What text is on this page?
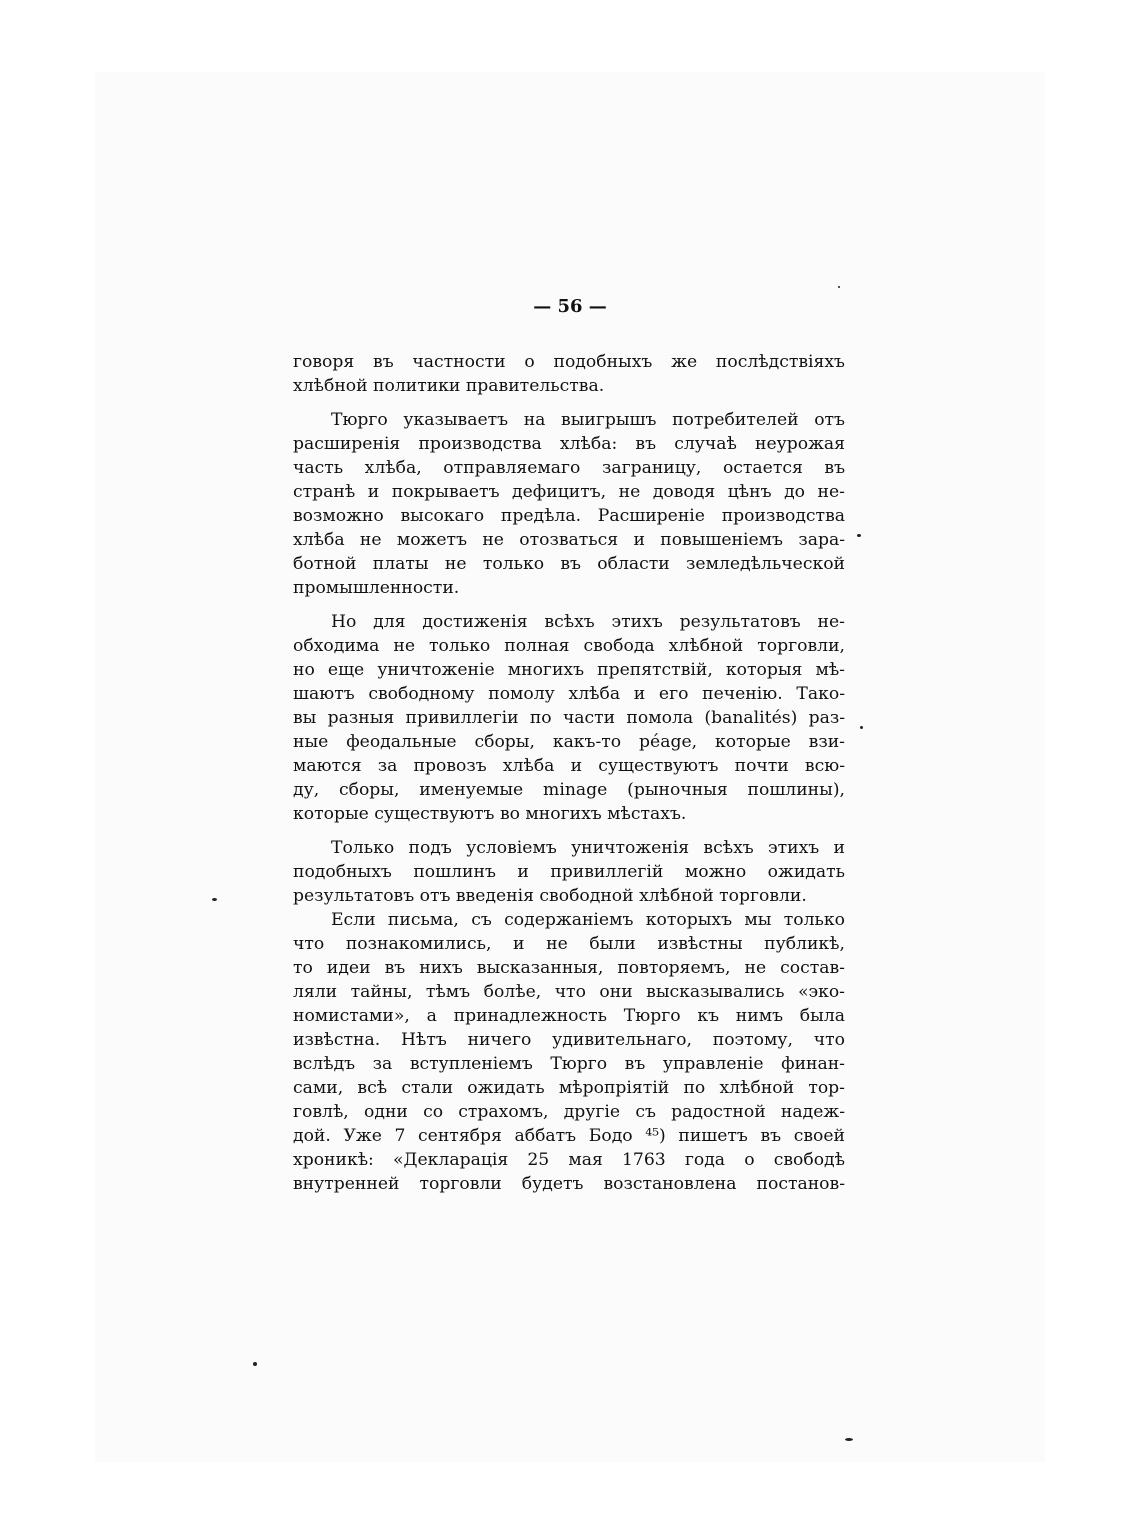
— 56 —
говоря въ частности о подобныхъ же послѣдствіяхъ
хлѣбной политики правительства.
Тюрго указываетъ на выигрышъ потребителей отъ
расширенія производства хлѣба: въ случаѣ неурожая
часть хлѣба, отправляемаго заграницу, остается въ
странѣ и покрываетъ дефицитъ, не доводя цѣнъ до не-
возможно высокаго предѣла. Расширеніе производства
хлѣба не можетъ не отозваться и повышеніемъ зара-
ботной платы не только въ области земледѣльческой
промышленности.
Но для достиженія всѣхъ этихъ результатовъ не-
обходима не только полная свобода хлѣбной торговли,
но еще уничтоженіе многихъ препятствій, которыя мѣ-
шаютъ свободному помолу хлѣба и его печенію. Тако-
вы разныя привиллегіи по части помола (banalités) раз-
ные феодальные сборы, какъ-то péage, которые взи-
маются за провозъ хлѣба и существуютъ почти всю-
ду, сборы, именуемые minage (рыночныя пошлины),
которые существуютъ во многихъ мѣстахъ.
Только подъ условіемъ уничтоженія всѣхъ этихъ и
подобныхъ пошлинъ и привиллегій можно ожидать
результатовъ отъ введенія свободной хлѣбной торговли.
Если письма, съ содержаніемъ которыхъ мы только
что познакомились, и не были извѣстны публикѣ,
то идеи въ нихъ высказанныя, повторяемъ, не состав-
ляли тайны, тѣмъ болѣе, что они высказывались «эко-
номистами», а принадлежность Тюрго къ нимъ была
извѣстна. Нѣтъ ничего удивительнаго, поэтому, что
вслѣдъ за вступленіемъ Тюрго въ управленіе финан-
сами, всѣ стали ожидать мѣропріятій по хлѣбной тор-
говлѣ, одни со страхомъ, другіе съ радостной надеж-
дой. Уже 7 сентября аббатъ Бодо ⁴⁵) пишетъ въ своей
хроникѣ: «Декларація 25 мая 1763 года о свободѣ
внутренней торговли будетъ возстановлена постанов-
